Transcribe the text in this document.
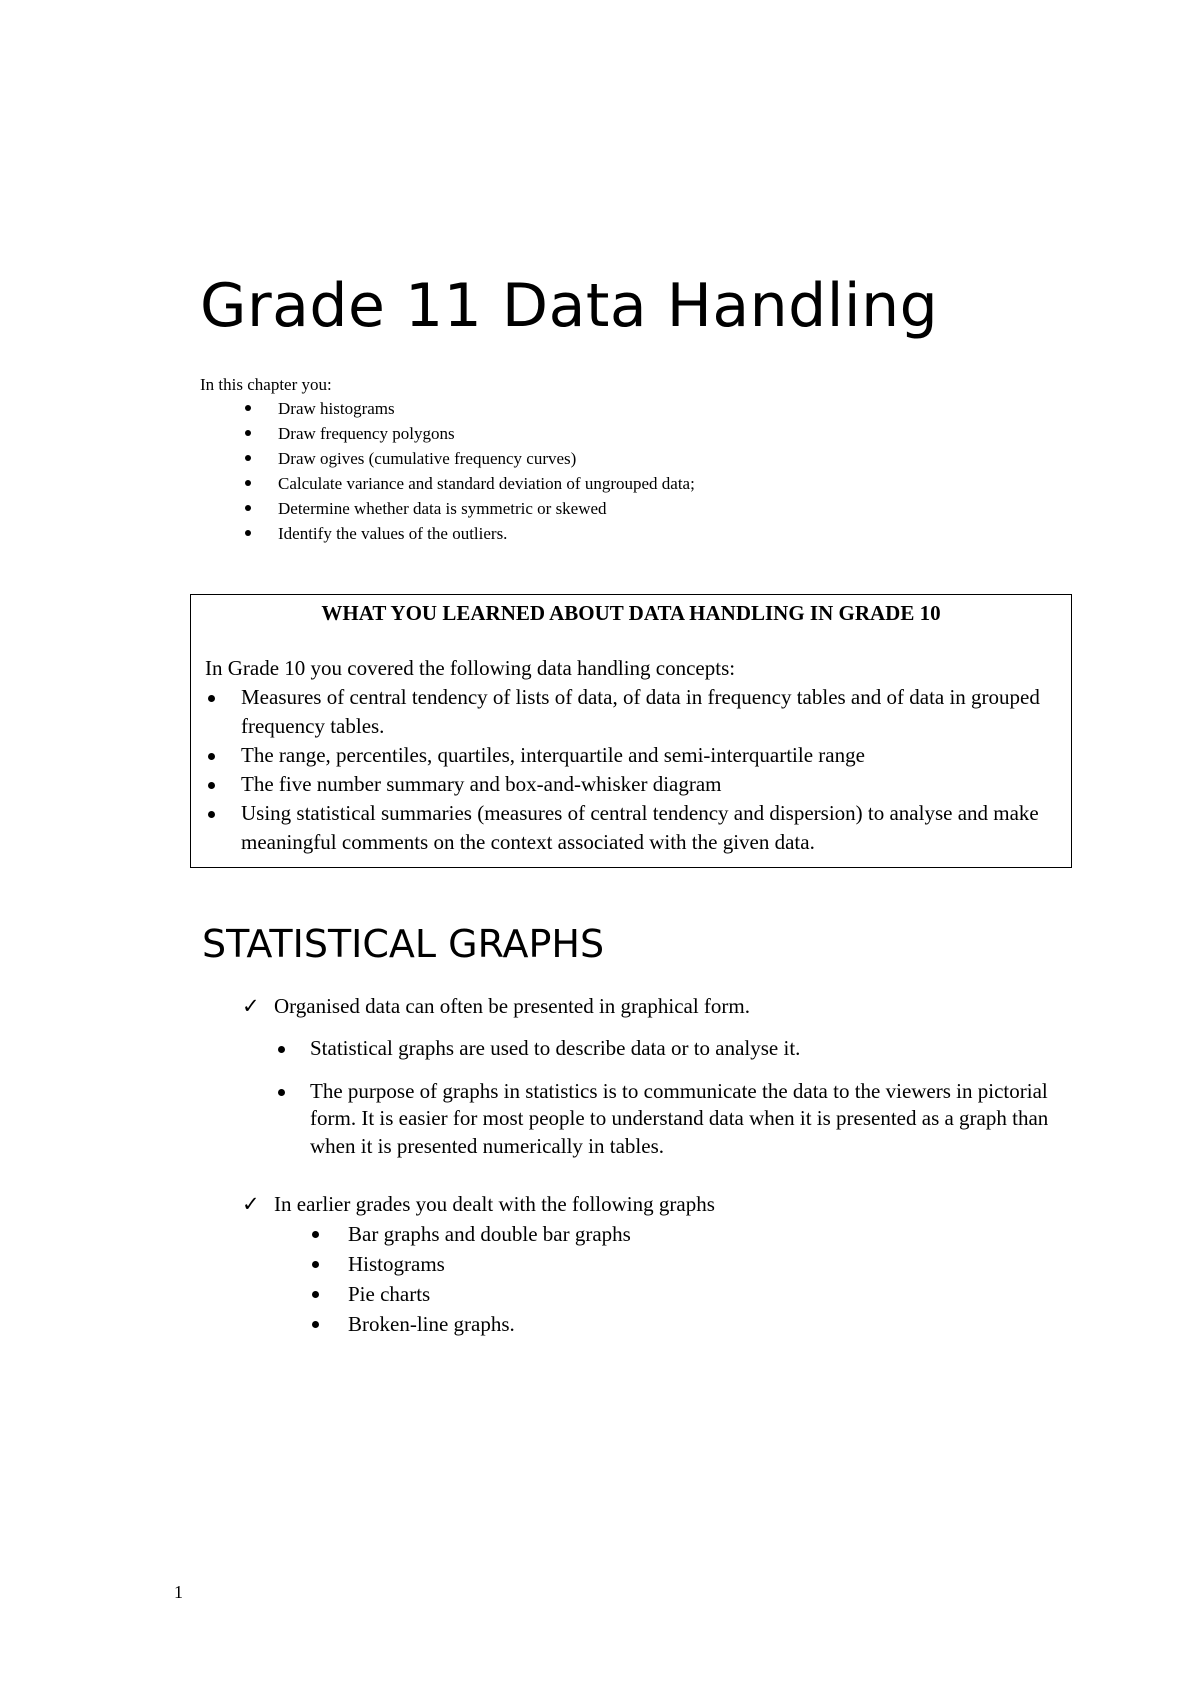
Grade 11 Data Handling

In this chapter you:

Draw histograms
Draw frequency polygons
Draw ogives (cumulative frequency curves)
Calculate variance and standard deviation of ungrouped data;
Determine whether data is symmetric or skewed
Identify the values of the outliers.

WHAT YOU LEARNED ABOUT DATA HANDLING IN GRADE 10

In Grade 10 you covered the following data handling concepts:

Measures of central tendency of lists of data, of data in frequency tables and of data in grouped frequency tables.
The range, percentiles, quartiles, interquartile and semi-interquartile range
The five number summary and box-and-whisker diagram
Using statistical summaries (measures of central tendency and dispersion) to analyse and make meaningful comments on the context associated with the given data.
STATISTICAL GRAPHS
✓ Organised data can often be presented in graphical form.
Statistical graphs are used to describe data or to analyse it.
The purpose of graphs in statistics is to communicate the data to the viewers in pictorial form. It is easier for most people to understand data when it is presented as a graph than when it is presented numerically in tables.
✓ In earlier grades you dealt with the following graphs
Bar graphs and double bar graphs
Histograms
Pie charts
Broken-line graphs.
1
